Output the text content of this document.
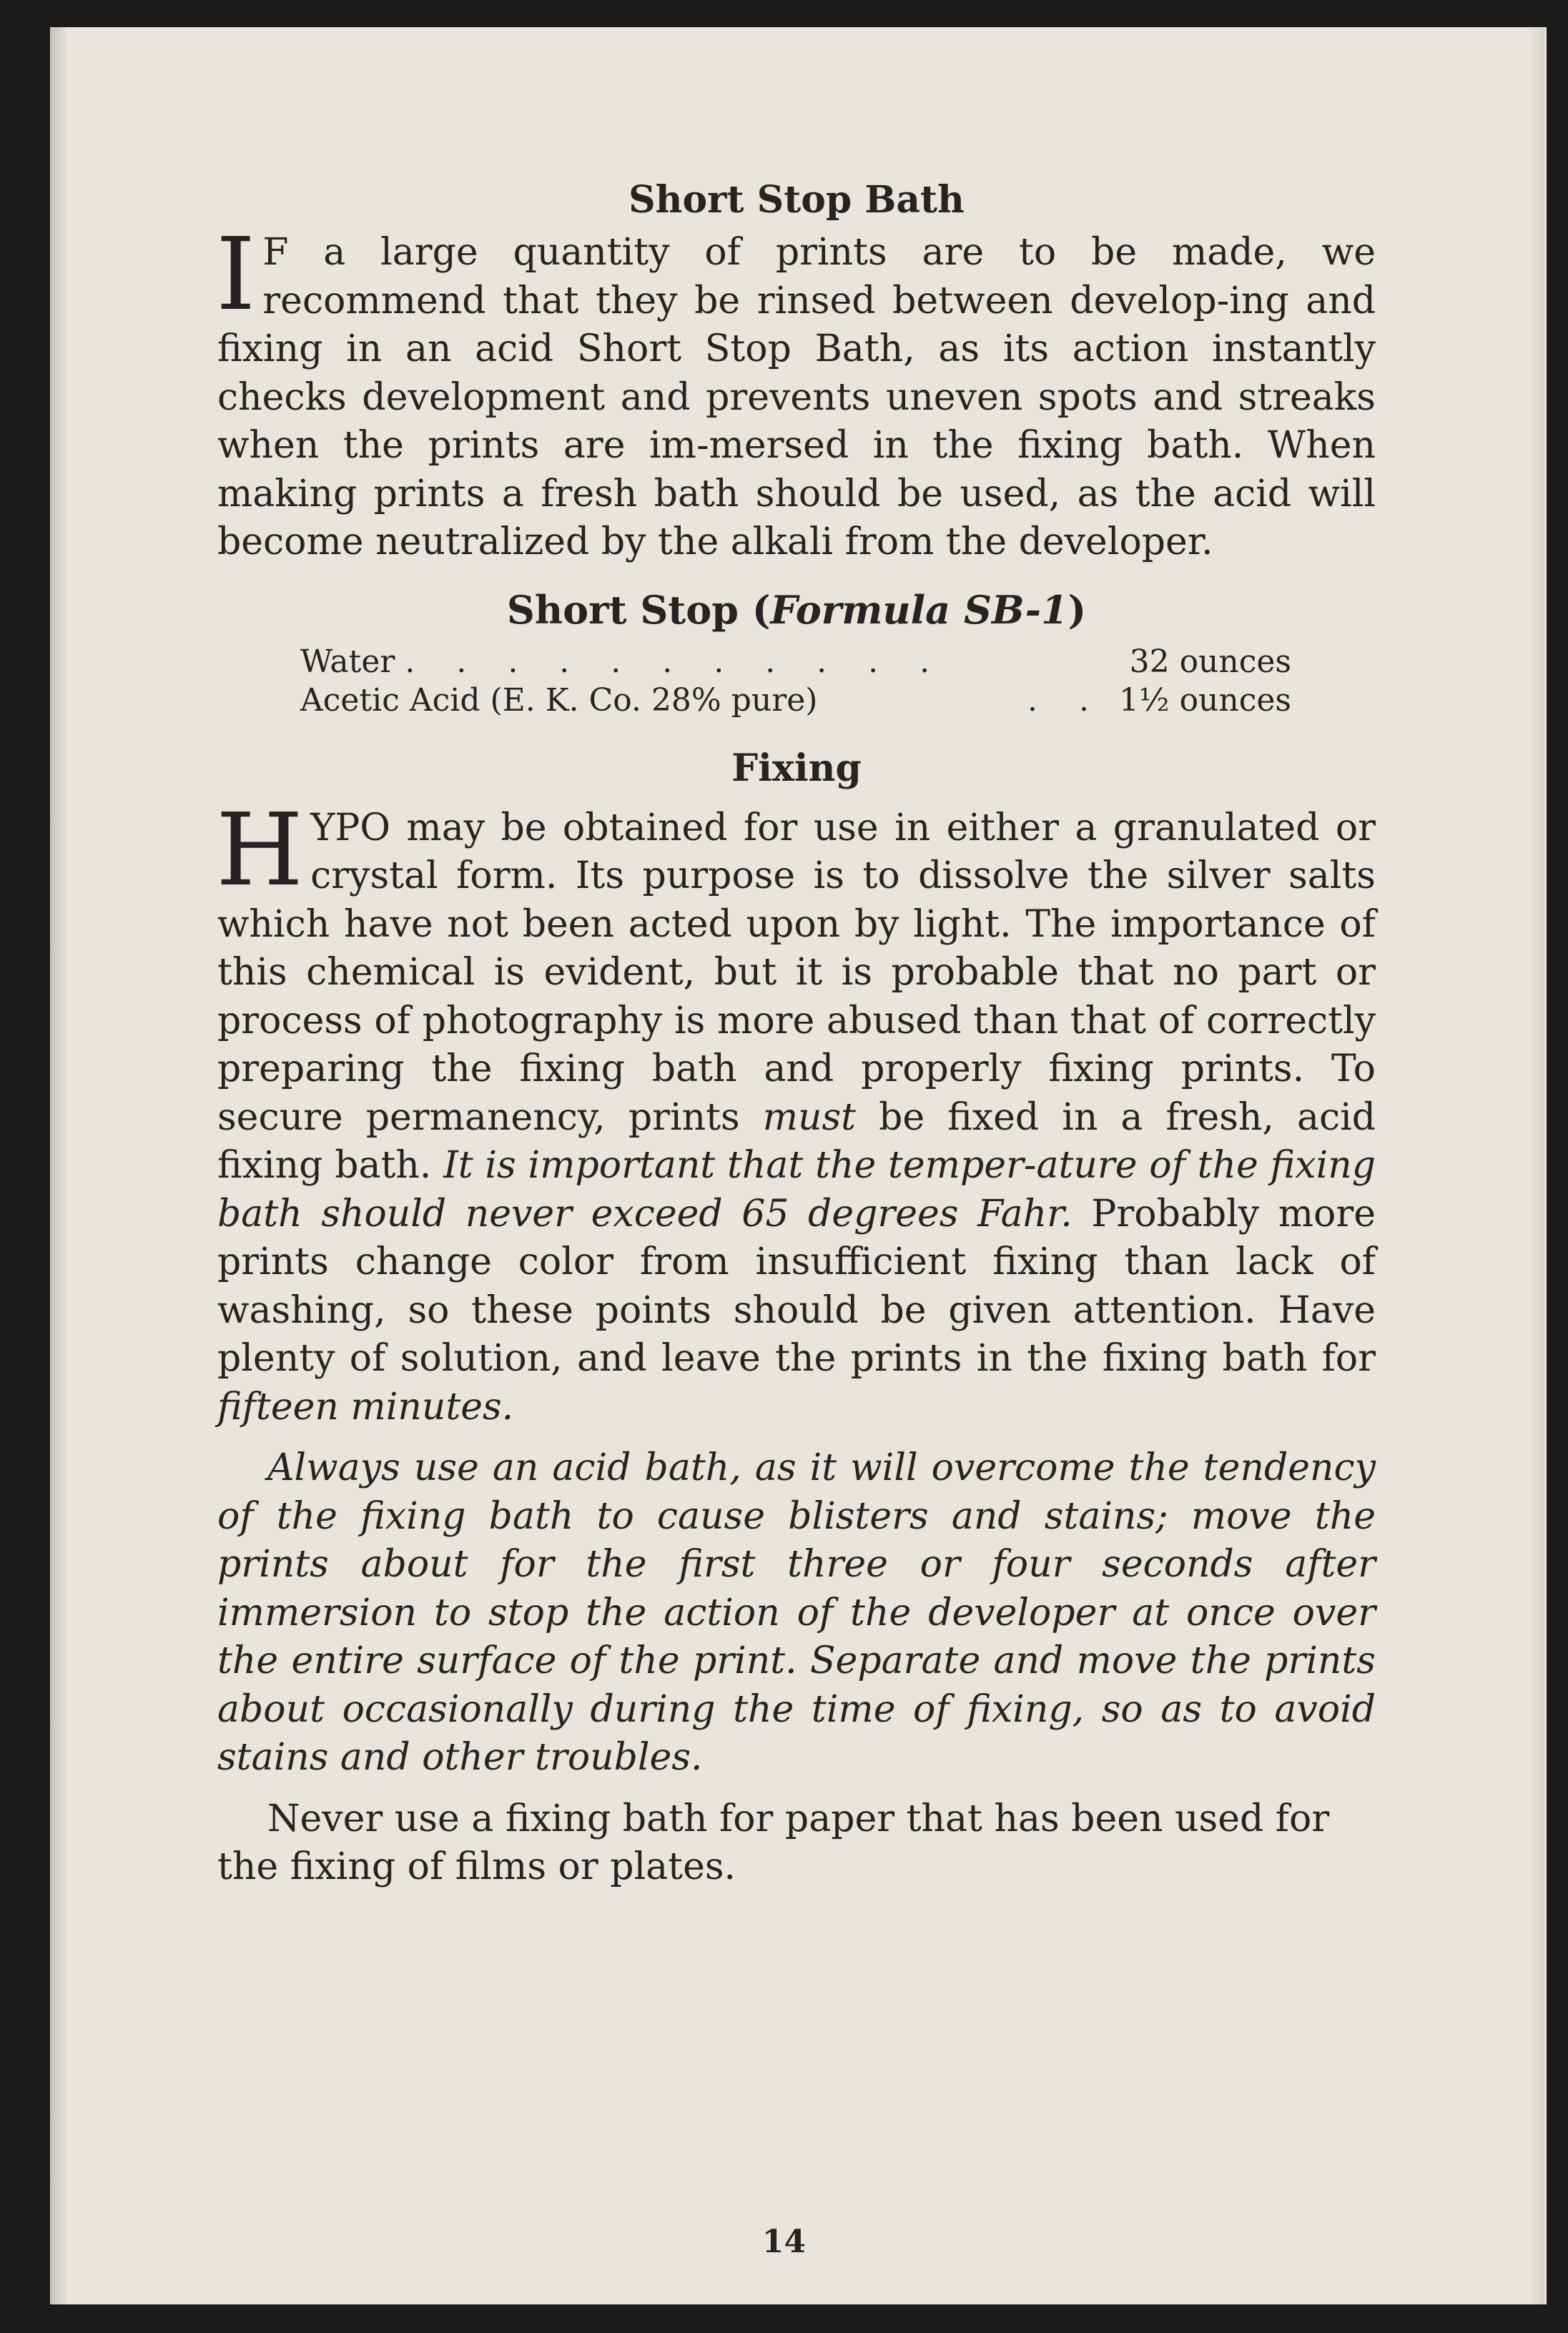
Short Stop Bath

I F a large quantity of prints are to be made, we recommend that they be rinsed between develop-ing and fixing in an acid Short Stop Bath, as its action instantly checks development and prevents uneven spots and streaks when the prints are im-mersed in the fixing bath. When making prints a fresh bath should be used, as the acid will become neutralized by the alkali from the developer.

Short Stop (Formula SB-1)
Water . . . . . . . . . . .	32 ounces
Acetic Acid (E. K. Co. 28% pure)	. . 1½ ounces
Fixing

HYPO may be obtained for use in either a granulated or crystal form. Its purpose is to dissolve the silver salts which have not been acted upon by light. The importance of this chemical is evident, but it is probable that no part or process of photography is more abused than that of correctly preparing the fixing bath and properly fixing prints. To secure permanency, prints must be fixed in a fresh, acid fixing bath. It is important that the temper-ature of the fixing bath should never exceed 65 degrees Fahr. Probably more prints change color from insufficient fixing than lack of washing, so these points should be given attention. Have plenty of solution, and leave the prints in the fixing bath for fifteen minutes.

Always use an acid bath, as it will overcome the tendency of the fixing bath to cause blisters and stains; move the prints about for the first three or four seconds after immersion to stop the action of the developer at once over the entire surface of the print. Separate and move the prints about occasionally during the time of fixing, so as to avoid stains and other troubles.

Never use a fixing bath for paper that has been used for the fixing of films or plates.

14
